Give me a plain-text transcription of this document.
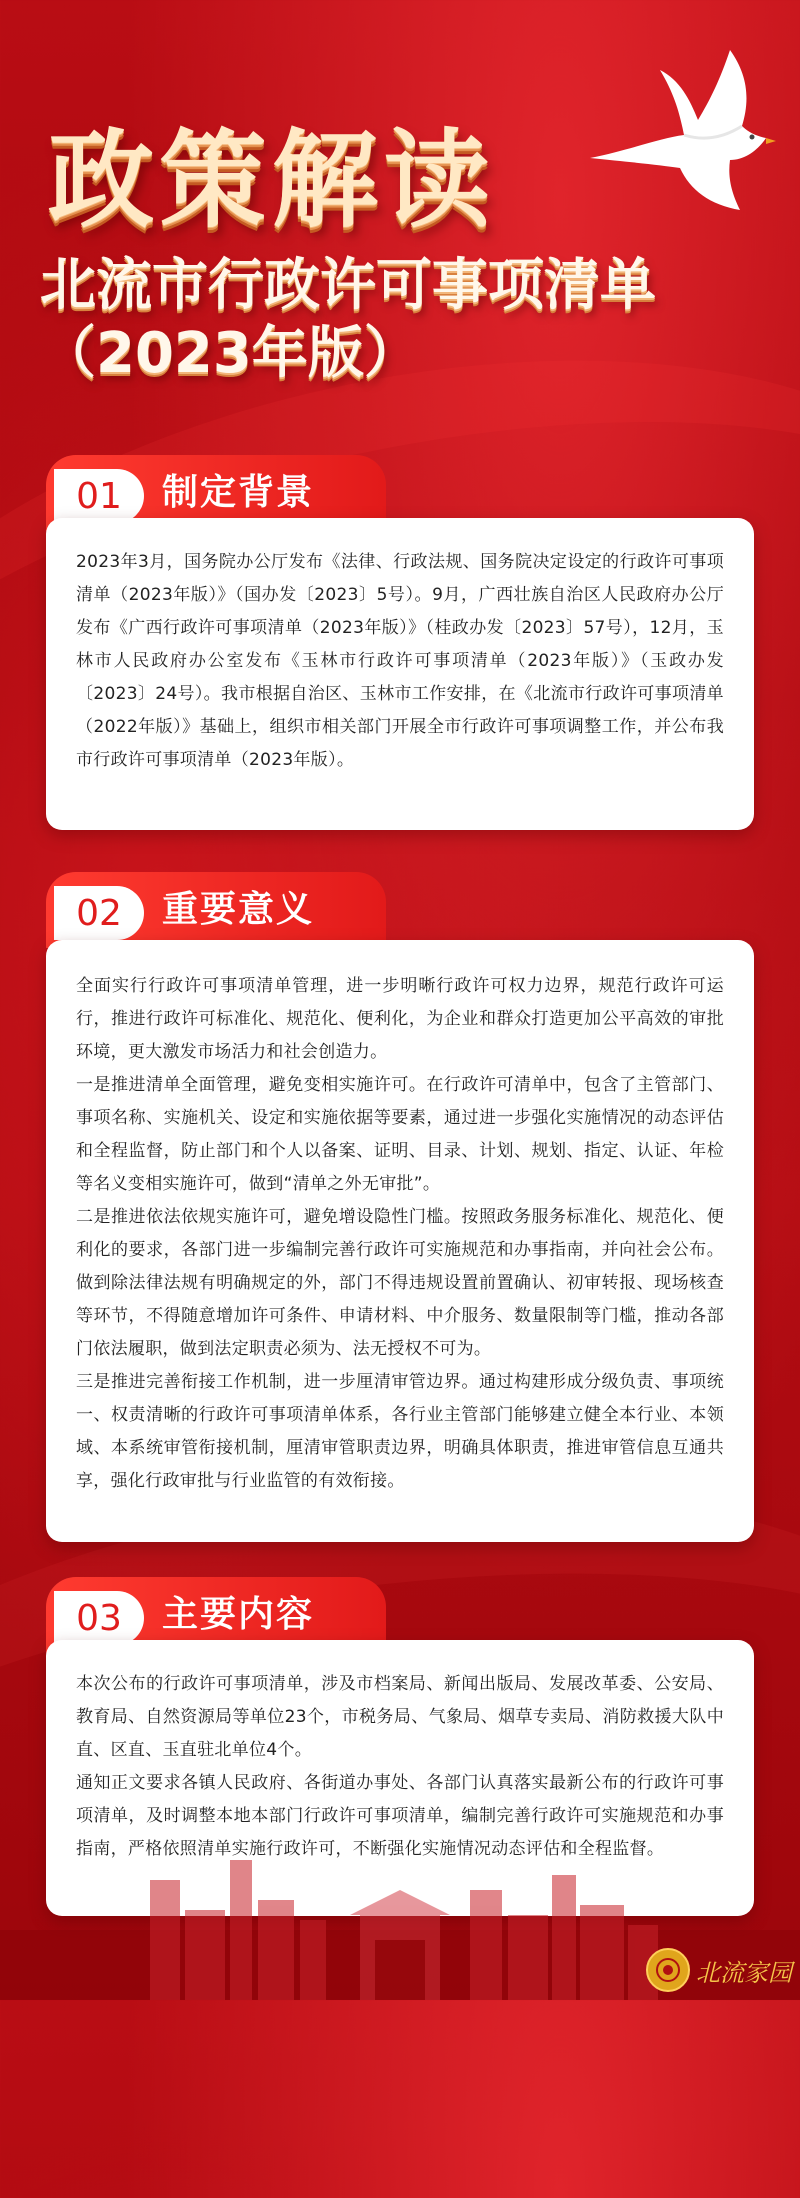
政策解读
北流市行政许可事项清单
（2023年版）
01	制定背景

2023年3月，国务院办公厅发布《法律、行政法规、国务院决定设定的行政许可事项清单（2023年版）》（国办发〔2023〕5号）。9月，广西壮族自治区人民政府办公厅发布《广西行政许可事项清单（2023年版）》（桂政办发〔2023〕57号），12月，玉林市人民政府办公室发布《玉林市行政许可事项清单（2023年版）》（玉政办发〔2023〕24号）。我市根据自治区、玉林市工作安排，在《北流市行政许可事项清单（2022年版）》基础上，组织市相关部门开展全市行政许可事项调整工作，并公布我市行政许可事项清单（2023年版）。

02	重要意义

全面实行行政许可事项清单管理，进一步明晰行政许可权力边界，规范行政许可运行，推进行政许可标准化、规范化、便利化，为企业和群众打造更加公平高效的审批环境，更大激发市场活力和社会创造力。

一是推进清单全面管理，避免变相实施许可。在行政许可清单中，包含了主管部门、事项名称、实施机关、设定和实施依据等要素，通过进一步强化实施情况的动态评估和全程监督，防止部门和个人以备案、证明、目录、计划、规划、指定、认证、年检等名义变相实施许可，做到“清单之外无审批”。

二是推进依法依规实施许可，避免增设隐性门槛。按照政务服务标准化、规范化、便利化的要求，各部门进一步编制完善行政许可实施规范和办事指南，并向社会公布。做到除法律法规有明确规定的外，部门不得违规设置前置确认、初审转报、现场核查等环节，不得随意增加许可条件、申请材料、中介服务、数量限制等门槛，推动各部门依法履职，做到法定职责必须为、法无授权不可为。

三是推进完善衔接工作机制，进一步厘清审管边界。通过构建形成分级负责、事项统一、权责清晰的行政许可事项清单体系，各行业主管部门能够建立健全本行业、本领域、本系统审管衔接机制，厘清审管职责边界，明确具体职责，推进审管信息互通共享，强化行政审批与行业监管的有效衔接。

03	主要内容

本次公布的行政许可事项清单，涉及市档案局、新闻出版局、发展改革委、公安局、教育局、自然资源局等单位23个，市税务局、气象局、烟草专卖局、消防救援大队中直、区直、玉直驻北单位4个。

通知正文要求各镇人民政府、各街道办事处、各部门认真落实最新公布的行政许可事项清单，及时调整本地本部门行政许可事项清单，编制完善行政许可实施规范和办事指南，严格依照清单实施行政许可，不断强化实施情况动态评估和全程监督。

北流家园
